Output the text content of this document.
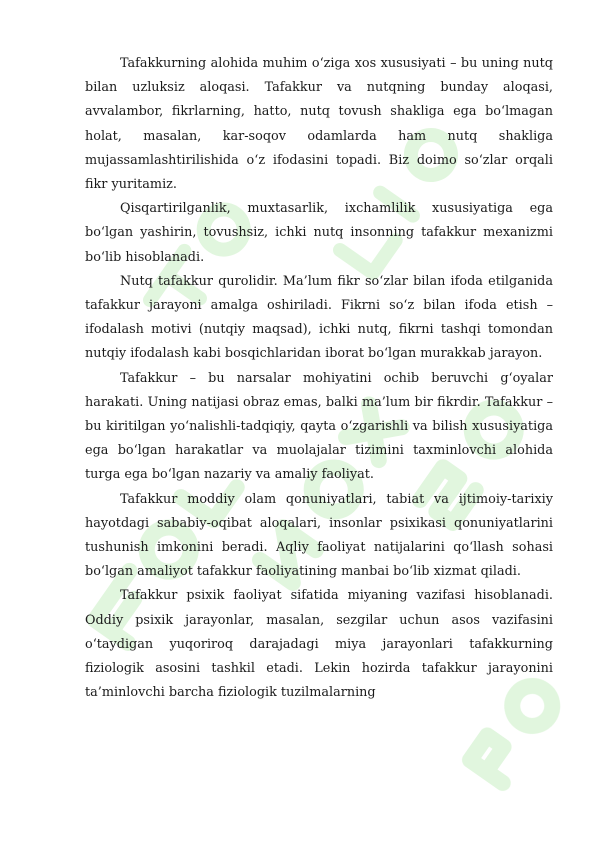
Tafakkurning alohida muhim o‘ziga xos xususiyati – bu uning nutq bilan uzluksiz aloqasi. Tafakkur va nutqning bunday aloqasi, avvalambor, fikrlarning, hatto, nutq tovush shakliga ega bo‘lmagan holat, masalan, kar-soqov odamlarda ham nutq shakliga mujassamlashtirilishida o‘z ifodasini topadi. Biz doimo so‘zlar orqali fikr yuritamiz.

Qisqartirilganlik, muxtasarlik, ixchamlilik xususiyatiga ega bo‘lgan yashirin, tovushsiz, ichki nutq insonning tafakkur mexanizmi bo‘lib hisoblanadi.

Nutq tafakkur qurolidir. Ma’lum fikr so‘zlar bilan ifoda etilganida tafakkur jarayoni amalga oshiriladi. Fikrni so‘z bilan ifoda etish – ifodalash motivi (nutqiy maqsad), ichki nutq, fikrni tashqi tomondan nutqiy ifodalash kabi bosqichlaridan iborat bo‘lgan murakkab jarayon.

Tafakkur – bu narsalar mohiyatini ochib beruvchi g‘oyalar harakati. Uning natijasi obraz emas, balki ma’lum bir fikrdir. Tafakkur – bu kiritilgan yo‘nalishli-tadqiqiy, qayta o‘zgarishli va bilish xususiyatiga ega bo‘lgan harakatlar va muolajalar tizimini taxminlovchi alohida turga ega bo‘lgan nazariy va amaliy faoliyat.

Tafakkur moddiy olam qonuniyatlari, tabiat va ijtimoiy-tarixiy hayotdagi sababiy-oqibat aloqalari, insonlar psixikasi qonuniyatlarini tushunish imkonini beradi. Aqliy faoliyat natijalarini qo‘llash sohasi bo‘lgan amaliyot tafakkur faoliyatining manbai bo‘lib xizmat qiladi.

Tafakkur psixik faoliyat sifatida miyaning vazifasi hisoblanadi. Oddiy psixik jarayonlar, masalan, sezgilar uchun asos vazifasini o‘taydigan yuqoriroq darajadagi miya jarayonlari tafakkurning fiziologik asosini tashkil etadi. Lekin hozirda tafakkur jarayonini ta’minlovchi barcha fiziologik tuzilmalarning
